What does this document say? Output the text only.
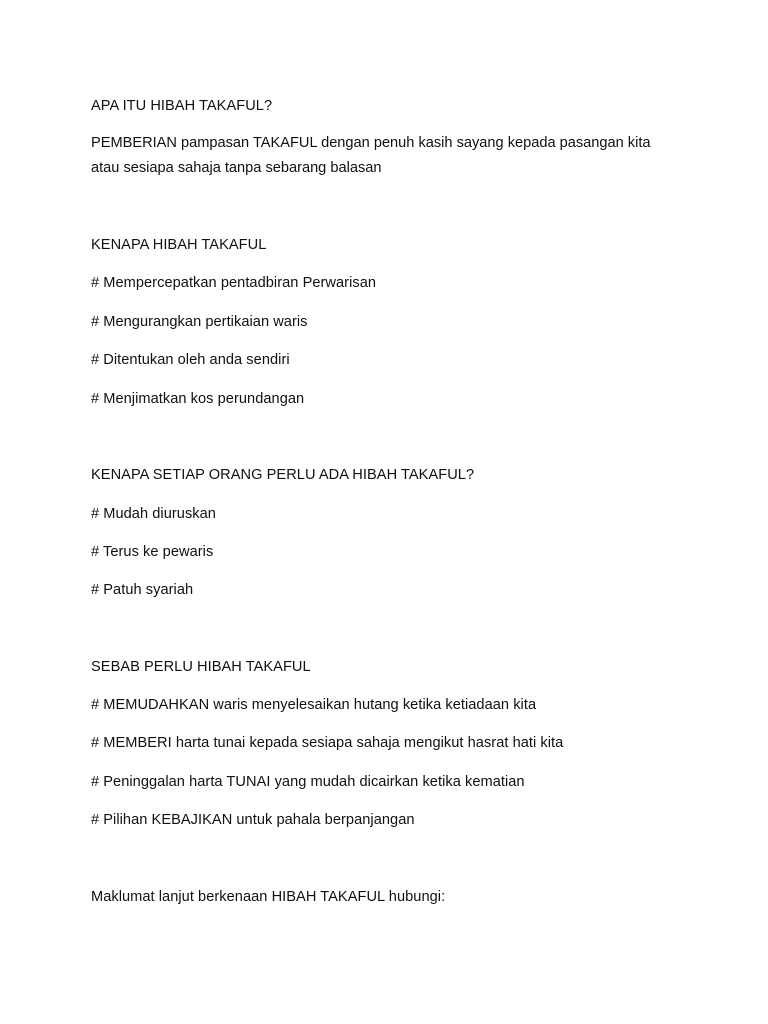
APA ITU HIBAH TAKAFUL?
PEMBERIAN pampasan TAKAFUL dengan penuh kasih sayang kepada pasangan kita atau sesiapa sahaja tanpa sebarang balasan
KENAPA HIBAH TAKAFUL
# Mempercepatkan pentadbiran Perwarisan
# Mengurangkan pertikaian waris
# Ditentukan oleh anda sendiri
# Menjimatkan kos perundangan
KENAPA SETIAP ORANG PERLU ADA HIBAH TAKAFUL?
# Mudah diuruskan
# Terus ke pewaris
# Patuh syariah
SEBAB PERLU HIBAH TAKAFUL
# MEMUDAHKAN waris menyelesaikan hutang ketika ketiadaan kita
# MEMBERI harta tunai kepada sesiapa sahaja mengikut hasrat hati kita
# Peninggalan harta TUNAI yang mudah dicairkan ketika kematian
# Pilihan KEBAJIKAN untuk pahala berpanjangan
Maklumat lanjut berkenaan HIBAH TAKAFUL hubungi:
